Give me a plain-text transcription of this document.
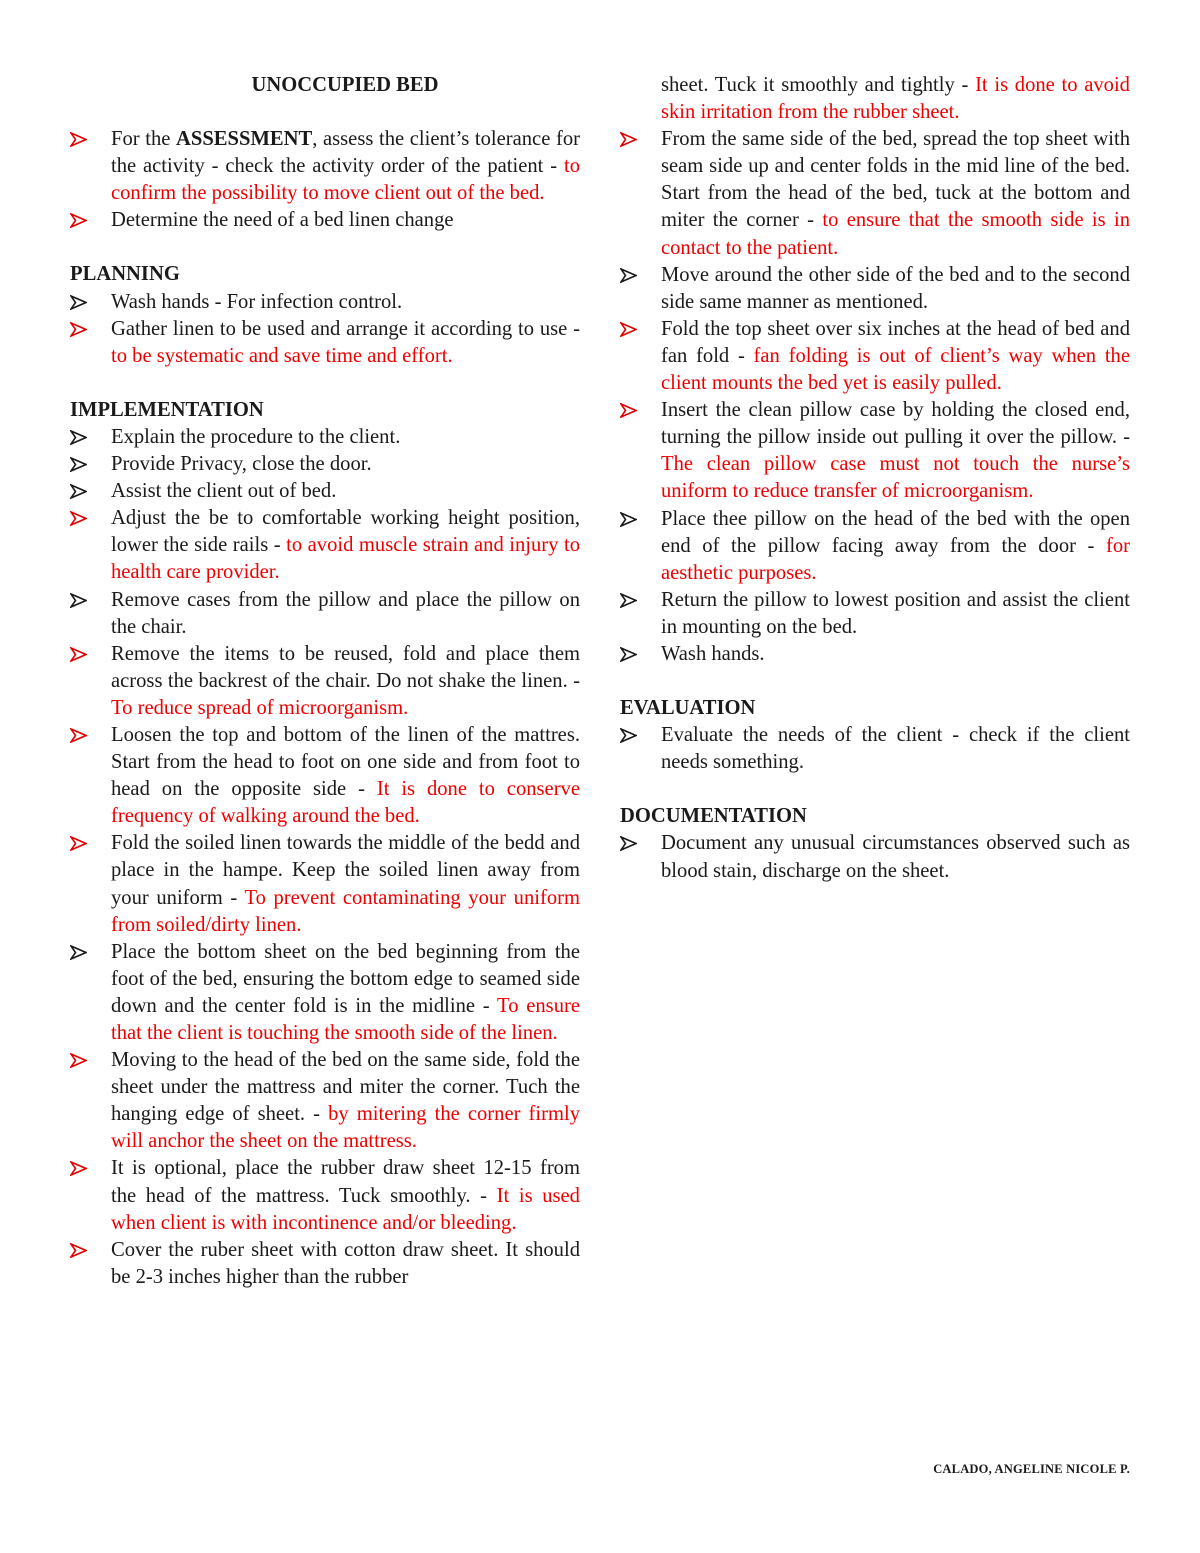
UNOCCUPIED BED
For the ASSESSMENT, assess the client’s tolerance for the activity - check the activity order of the patient - to confirm the possibility to move client out of the bed.
Determine the need of a bed linen change
PLANNING
Wash hands - For infection control.
Gather linen to be used and arrange it according to use - to be systematic and save time and effort.
IMPLEMENTATION
Explain the procedure to the client.
Provide Privacy, close the door.
Assist the client out of bed.
Adjust the be to comfortable working height position, lower the side rails - to avoid muscle strain and injury to health care provider.
Remove cases from the pillow and place the pillow on the chair.
Remove the items to be reused, fold and place them across the backrest of the chair. Do not shake the linen. - To reduce spread of microorganism.
Loosen the top and bottom of the linen of the mattres. Start from the head to foot on one side and from foot to head on the opposite side - It is done to conserve frequency of walking around the bed.
Fold the soiled linen towards the middle of the bedd and place in the hampe. Keep the soiled linen away from your uniform - To prevent contaminating your uniform from soiled/dirty linen.
Place the bottom sheet on the bed beginning from the foot of the bed, ensuring the bottom edge to seamed side down and the center fold is in the midline - To ensure that the client is touching the smooth side of the linen.
Moving to the head of the bed on the same side, fold the sheet under the mattress and miter the corner. Tuch the hanging edge of sheet. - by mitering the corner firmly will anchor the sheet on the mattress.
It is optional, place the rubber draw sheet 12-15 from the head of the mattress. Tuck smoothly. - It is used when client is with incontinence and/or bleeding.
Cover the ruber sheet with cotton draw sheet. It should be 2-3 inches higher than the rubber

sheet. Tuck it smoothly and tightly - It is done to avoid skin irritation from the rubber sheet.

From the same side of the bed, spread the top sheet with seam side up and center folds in the mid line of the bed. Start from the head of the bed, tuck at the bottom and miter the corner - to ensure that the smooth side is in contact to the patient.
Move around the other side of the bed and to the second side same manner as mentioned.
Fold the top sheet over six inches at the head of bed and fan fold - fan folding is out of client’s way when the client mounts the bed yet is easily pulled.
Insert the clean pillow case by holding the closed end, turning the pillow inside out pulling it over the pillow. - The clean pillow case must not touch the nurse’s uniform to reduce transfer of microorganism.
Place thee pillow on the head of the bed with the open end of the pillow facing away from the door - for aesthetic purposes.
Return the pillow to lowest position and assist the client in mounting on the bed.
Wash hands.
EVALUATION
Evaluate the needs of the client - check if the client needs something.
DOCUMENTATION
Document any unusual circumstances observed such as blood stain, discharge on the sheet.
CALADO, ANGELINE NICOLE P.
